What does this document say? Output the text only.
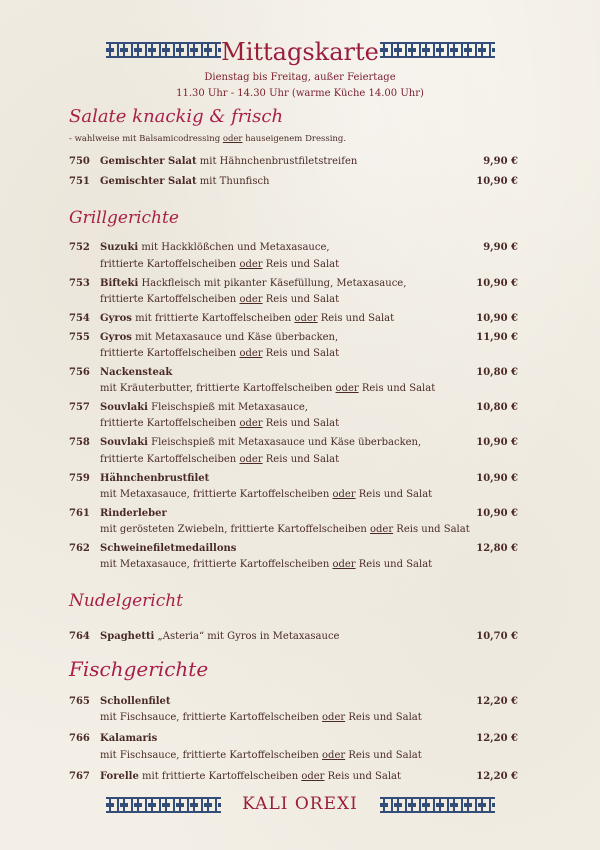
Mittagskarte
Dienstag bis Freitag, außer Feiertage
11.30 Uhr - 14.30 Uhr (warme Küche 14.00 Uhr)
Salate knackig & frisch
- wahlweise mit Balsamicodressing oder hauseigenem Dressing.
750 Gemischter Salat mit Hähnchenbrustfiletstreifen	9,90 €
751 Gemischter Salat mit Thunfisch	10,90 €
Grillgerichte
752 Suzuki mit Hackklößchen und Metaxasauce,	9,90 €
frittierte Kartoffelscheiben oder Reis und Salat
753 Bifteki Hackfleisch mit pikanter Käsefüllung, Metaxasauce,	10,90 €
frittierte Kartoffelscheiben oder Reis und Salat
754 Gyros mit frittierte Kartoffelscheiben oder Reis und Salat	10,90 €
755 Gyros mit Metaxasauce und Käse überbacken,	11,90 €
frittierte Kartoffelscheiben oder Reis und Salat
756 Nackensteak	10,80 €
mit Kräuterbutter, frittierte Kartoffelscheiben oder Reis und Salat
757 Souvlaki Fleischspieß mit Metaxasauce,	10,80 €
frittierte Kartoffelscheiben oder Reis und Salat
758 Souvlaki Fleischspieß mit Metaxasauce und Käse überbacken,	10,90 €
frittierte Kartoffelscheiben oder Reis und Salat
759 Hähnchenbrustfilet	10,90 €
mit Metaxasauce, frittierte Kartoffelscheiben oder Reis und Salat
761 Rinderleber	10,90 €
mit gerösteten Zwiebeln, frittierte Kartoffelscheiben oder Reis und Salat
762 Schweinefiletmedaillons	12,80 €
mit Metaxasauce, frittierte Kartoffelscheiben oder Reis und Salat
Nudelgericht
764 Spaghetti „Asteria“ mit Gyros in Metaxasauce	10,70 €
Fischgerichte
765 Schollenfilet	12,20 €
mit Fischsauce, frittierte Kartoffelscheiben oder Reis und Salat
766 Kalamaris	12,20 €
mit Fischsauce, frittierte Kartoffelscheiben oder Reis und Salat
767 Forelle mit frittierte Kartoffelscheiben oder Reis und Salat	12,20 €
KALI OREXI
